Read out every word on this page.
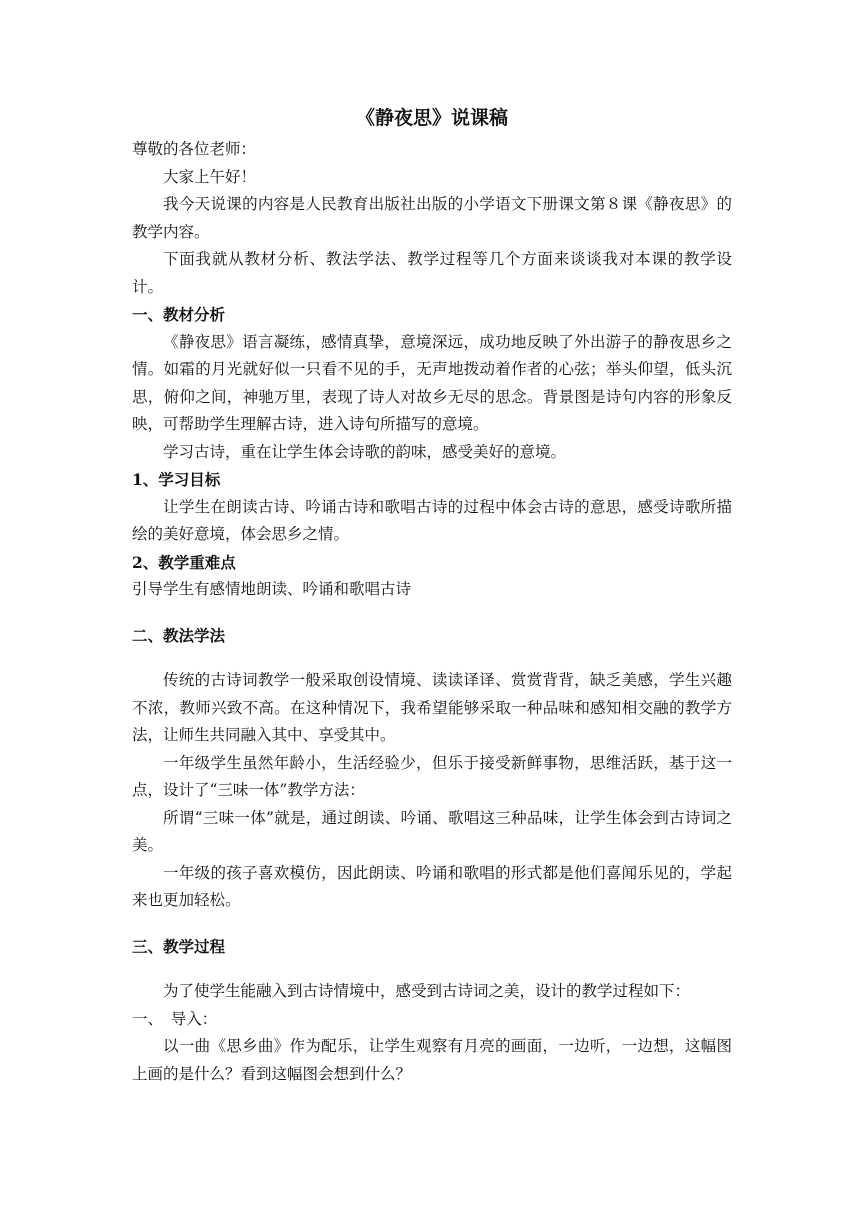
《静夜思》说课稿

尊敬的各位老师：

大家上午好！

我今天说课的内容是人民教育出版社出版的小学语文下册课文第８课《静夜思》的教学内容。

下面我就从教材分析、教法学法、教学过程等几个方面来谈谈我对本课的教学设计。

一、教材分析

《静夜思》语言凝练，感情真挚，意境深远，成功地反映了外出游子的静夜思乡之情。如霜的月光就好似一只看不见的手，无声地拨动着作者的心弦；举头仰望，低头沉思，俯仰之间，神驰万里，表现了诗人对故乡无尽的思念。背景图是诗句内容的形象反映，可帮助学生理解古诗，进入诗句所描写的意境。

学习古诗，重在让学生体会诗歌的韵味，感受美好的意境。

1、学习目标

让学生在朗读古诗、吟诵古诗和歌唱古诗的过程中体会古诗的意思，感受诗歌所描绘的美好意境，体会思乡之情。

2、教学重难点

引导学生有感情地朗读、吟诵和歌唱古诗

二、教法学法

传统的古诗词教学一般采取创设情境、读读译译、赏赏背背，缺乏美感，学生兴趣不浓，教师兴致不高。在这种情况下，我希望能够采取一种品味和感知相交融的教学方法，让师生共同融入其中、享受其中。

一年级学生虽然年龄小，生活经验少，但乐于接受新鲜事物，思维活跃，基于这一点，设计了“三味一体”教学方法：

所谓“三味一体”就是，通过朗读、吟诵、歌唱这三种品味，让学生体会到古诗词之美。

一年级的孩子喜欢模仿，因此朗读、吟诵和歌唱的形式都是他们喜闻乐见的，学起来也更加轻松。

三、教学过程

为了使学生能融入到古诗情境中，感受到古诗词之美，设计的教学过程如下：

一、　导入：

以一曲《思乡曲》作为配乐，让学生观察有月亮的画面，一边听，一边想，这幅图上画的是什么？看到这幅图会想到什么？
